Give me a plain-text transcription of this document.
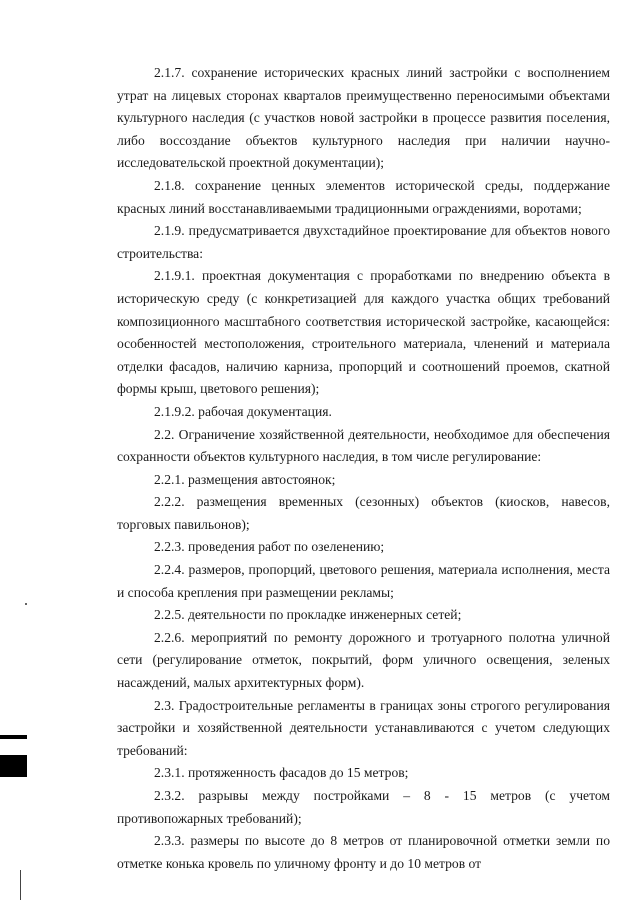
2.1.7. сохранение исторических красных линий застройки с восполнением утрат на лицевых сторонах кварталов преимущественно переносимыми объектами культурного наследия (с участков новой застройки в процессе развития поселения, либо воссоздание объектов культурного наследия при наличии научно-исследовательской проектной документации);

2.1.8. сохранение ценных элементов исторической среды, поддержание красных линий восстанавливаемыми традиционными ограждениями, воротами;

2.1.9. предусматривается двухстадийное проектирование для объектов нового строительства:

2.1.9.1. проектная документация с проработками по внедрению объекта в историческую среду (с конкретизацией для каждого участка общих требований композиционного масштабного соответствия исторической застройке, касающейся: особенностей местоположения, строительного материала, членений и материала отделки фасадов, наличию карниза, пропорций и соотношений проемов, скатной формы крыш, цветового решения);

2.1.9.2. рабочая документация.

2.2. Ограничение хозяйственной деятельности, необходимое для обеспечения сохранности объектов культурного наследия, в том числе регулирование:

2.2.1. размещения автостоянок;

2.2.2. размещения временных (сезонных) объектов (киосков, навесов, торговых павильонов);

2.2.3. проведения работ по озеленению;

2.2.4. размеров, пропорций, цветового решения, материала исполнения, места и способа крепления при размещении рекламы;

2.2.5. деятельности по прокладке инженерных сетей;

2.2.6. мероприятий по ремонту дорожного и тротуарного полотна уличной сети (регулирование отметок, покрытий, форм уличного освещения, зеленых насаждений, малых архитектурных форм).

2.3. Градостроительные регламенты в границах зоны строгого регулирования застройки и хозяйственной деятельности устанавливаются с учетом следующих требований:

2.3.1. протяженность фасадов до 15 метров;

2.3.2. разрывы между постройками – 8 - 15 метров (с учетом противопожарных требований);

2.3.3. размеры по высоте до 8 метров от планировочной отметки земли по отметке конька кровель по уличному фронту и до 10 метров от
